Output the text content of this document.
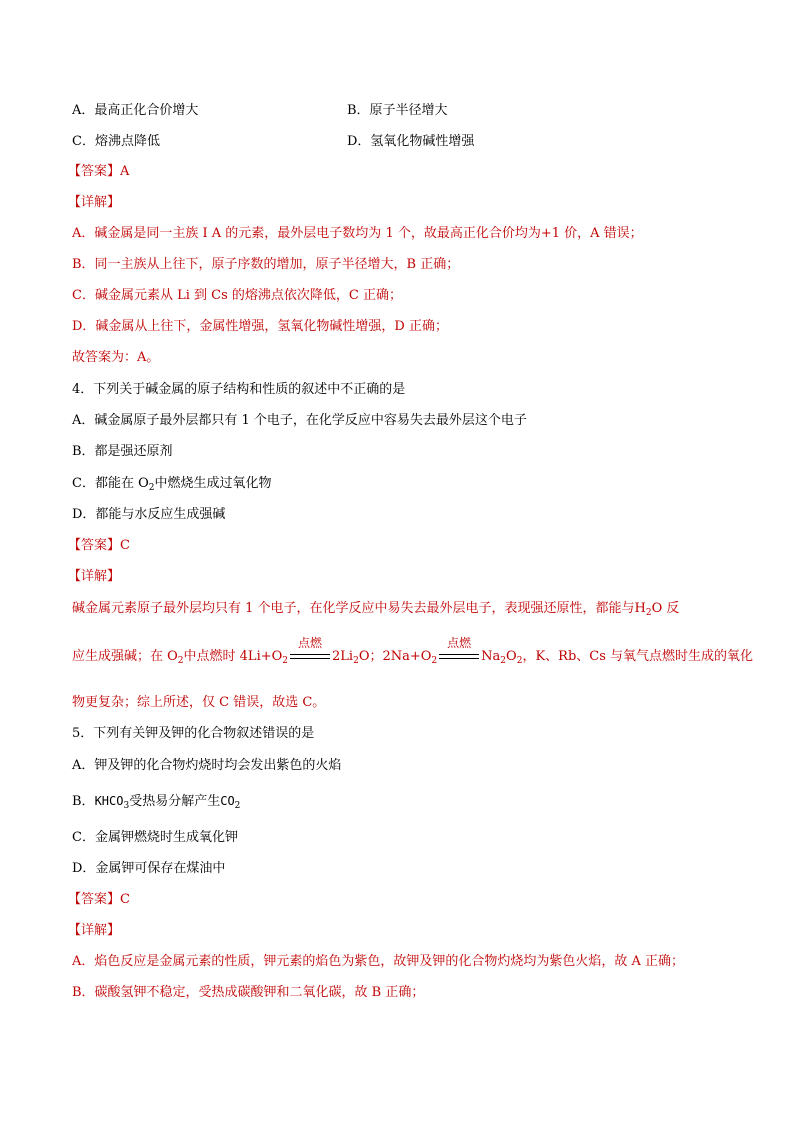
A．最高正化合价增大	B．原子半径增大
C．熔沸点降低	D．氢氧化物碱性增强
【答案】A
【详解】
A．碱金属是同一主族 I A 的元素，最外层电子数均为 1 个，故最高正化合价均为+1 价，A 错误；
B．同一主族从上往下，原子序数的增加，原子半径增大，B 正确；
C．碱金属元素从 Li 到 Cs 的熔沸点依次降低，C 正确；
D．碱金属从上往下，金属性增强，氢氧化物碱性增强，D 正确；
故答案为：A。
4．下列关于碱金属的原子结构和性质的叙述中不正确的是
A．碱金属原子最外层都只有 1 个电子，在化学反应中容易失去最外层这个电子
B．都是强还原剂
C．都能在 $O_2$中燃烧生成过氧化物
D．都能与水反应生成强碱
【答案】C
【详解】
碱金属元素原子最外层均只有 1 个电子，在化学反应中易失去最外层电子，表现强还原性，都能与$H_2O$ 反
应生成强碱；在 $O_2$中点燃时 $4Li+O_2$
点燃
$2Li_2O$；$2Na+O_2$
点燃
$Na_2O_2$，K、Rb、Cs 与氧气点燃时生成的氧化
物更复杂；综上所述，仅 C 错误，故选 C。
5．下列有关钾及钾的化合物叙述错误的是
A．钾及钾的化合物灼烧时均会发出紫色的火焰
B．$KHCO_3$受热易分解产生$CO_2$
C．金属钾燃烧时生成氧化钾
D．金属钾可保存在煤油中
【答案】C
【详解】
A．焰色反应是金属元素的性质，钾元素的焰色为紫色，故钾及钾的化合物灼烧均为紫色火焰，故 A 正确；
B．碳酸氢钾不稳定，受热成碳酸钾和二氧化碳，故 B 正确；
